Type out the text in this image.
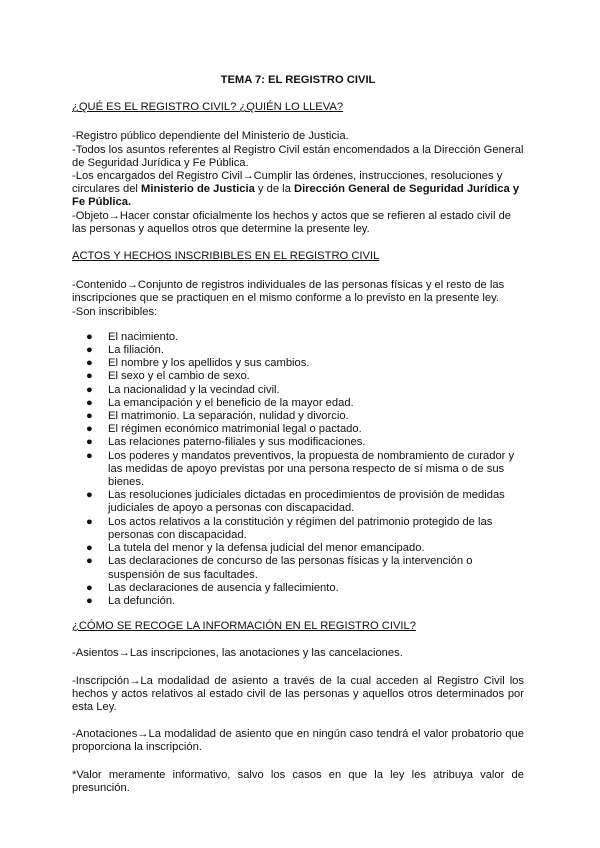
TEMA 7: EL REGISTRO CIVIL
¿QUÉ ES EL REGISTRO CIVIL? ¿QUIÉN LO LLEVA?
-Registro público dependiente del Ministerio de Justicia.
-Todos los asuntos referentes al Registro Civil están encomendados a la Dirección General de Seguridad Jurídica y Fe Pública.
-Los encargados del Registro Civil→Cumplir las órdenes, instrucciones, resoluciones y circulares del Ministerio de Justicia y de la Dirección General de Seguridad Jurídica y Fe Pública.
-Objeto→Hacer constar oficialmente los hechos y actos que se refieren al estado civil de las personas y aquellos otros que determine la presente ley.
ACTOS Y HECHOS INSCRIBIBLES EN EL REGISTRO CIVIL
-Contenido→Conjunto de registros individuales de las personas físicas y el resto de las inscripciones que se practiquen en el mismo conforme a lo previsto en la presente ley.
-Son inscribibles:
● El nacimiento.
● La filiación.
● El nombre y los apellidos y sus cambios.
● El sexo y el cambio de sexo.
● La nacionalidad y la vecindad civil.
● La emancipación y el beneficio de la mayor edad.
● El matrimonio. La separación, nulidad y divorcio.
● El régimen económico matrimonial legal o pactado.
● Las relaciones paterno-filiales y sus modificaciones.
● Los poderes y mandatos preventivos, la propuesta de nombramiento de curador y las medidas de apoyo previstas por una persona respecto de sí misma o de sus bienes.
● Las resoluciones judiciales dictadas en procedimientos de provisión de medidas judiciales de apoyo a personas con discapacidad.
● Los actos relativos a la constitución y régimen del patrimonio protegido de las personas con discapacidad.
● La tutela del menor y la defensa judicial del menor emancipado.
● Las declaraciones de concurso de las personas físicas y la intervención o suspensión de sus facultades.
● Las declaraciones de ausencia y fallecimiento.
● La defunción.
¿CÓMO SE RECOGE LA INFORMACIÓN EN EL REGISTRO CIVIL?
-Asientos→Las inscripciones, las anotaciones y las cancelaciones.
-Inscripción→La modalidad de asiento a través de la cual acceden al Registro Civil los hechos y actos relativos al estado civil de las personas y aquellos otros determinados por esta Ley.
-Anotaciones→La modalidad de asiento que en ningún caso tendrá el valor probatorio que proporciona la inscripción.
*Valor meramente informativo, salvo los casos en que la ley les atribuya valor de presunción.
